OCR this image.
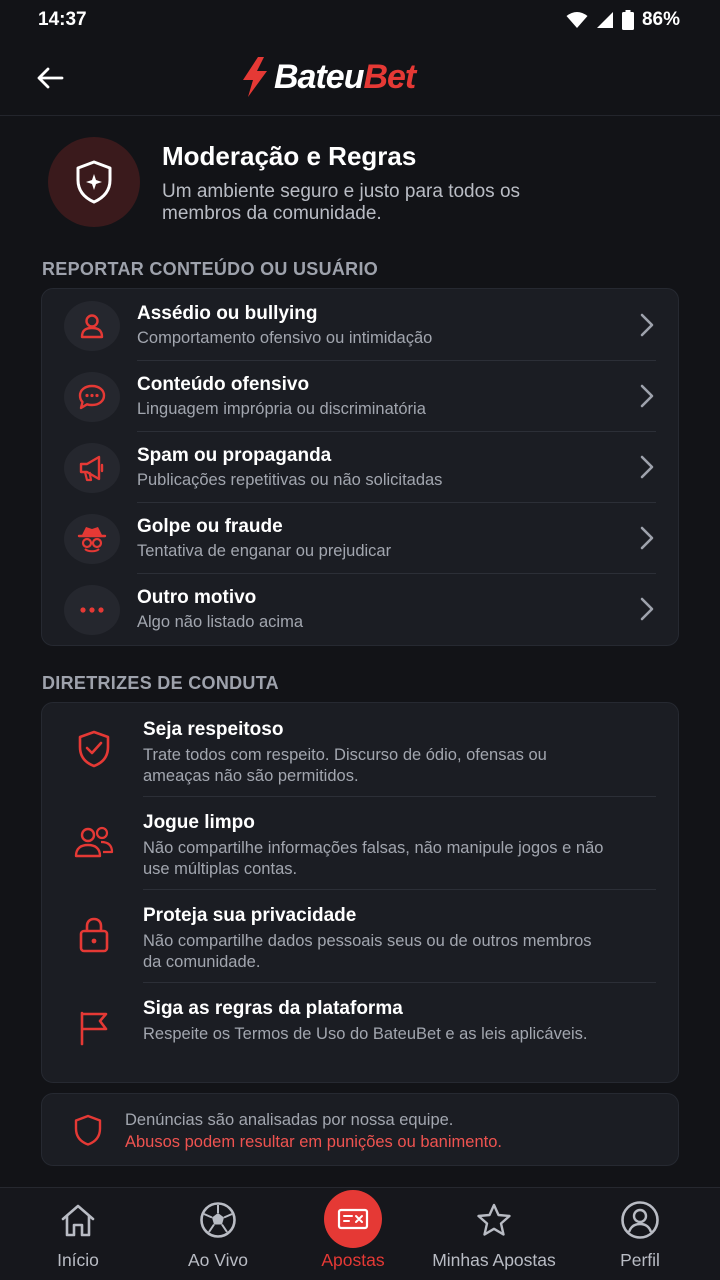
14:37	86%
BateuBet
Moderação e Regras
Um ambiente seguro e justo para todos os membros da comunidade.
REPORTAR CONTEÚDO OU USUÁRIO
Assédio ou bullying
Comportamento ofensivo ou intimidação
Conteúdo ofensivo
Linguagem imprópria ou discriminatória
Spam ou propaganda
Publicações repetitivas ou não solicitadas
Golpe ou fraude
Tentativa de enganar ou prejudicar
Outro motivo
Algo não listado acima
DIRETRIZES DE CONDUTA
Seja respeitoso
Trate todos com respeito. Discurso de ódio, ofensas ou ameaças não são permitidos.
Jogue limpo
Não compartilhe informações falsas, não manipule jogos e não use múltiplas contas.
Proteja sua privacidade
Não compartilhe dados pessoais seus ou de outros membros da comunidade.
Siga as regras da plataforma
Respeite os Termos de Uso do BateuBet e as leis aplicáveis.
Denúncias são analisadas por nossa equipe.
Abusos podem resultar em punições ou banimento.
Início	Ao Vivo	Apostas	Minhas Apostas	Perfil
